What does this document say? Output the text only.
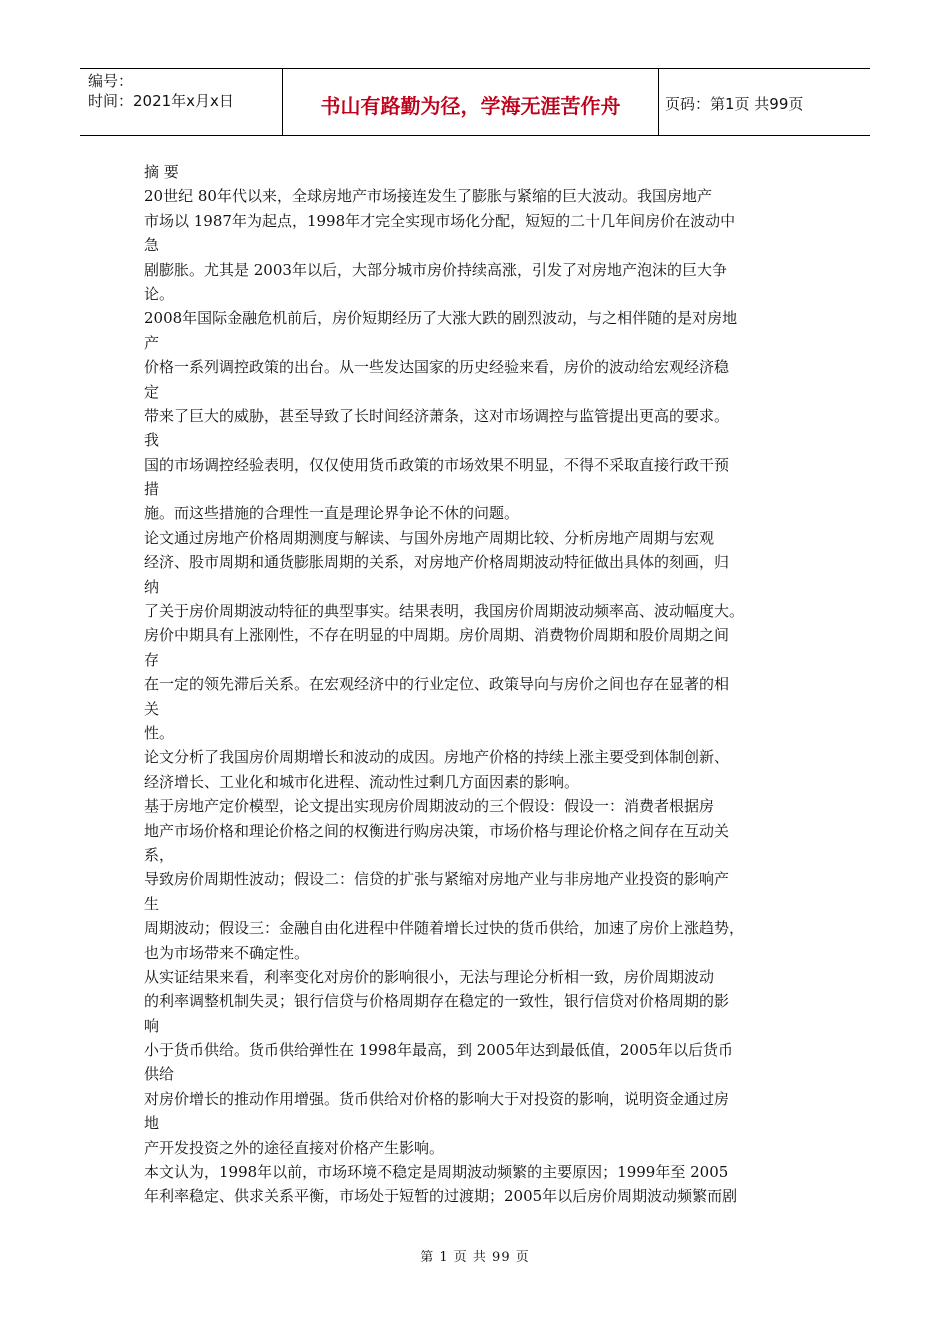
编号：
时间：2021年x月x日	书山有路勤为径，学海无涯苦作舟	页码：第1页 共99页
摘 要
20世纪 80年代以来，全球房地产市场接连发生了膨胀与紧缩的巨大波动。我国房地产
市场以 1987年为起点，1998年才完全实现市场化分配，短短的二十几年间房价在波动中
急
剧膨胀。尤其是 2003年以后，大部分城市房价持续高涨，引发了对房地产泡沫的巨大争
论。
2008年国际金融危机前后，房价短期经历了大涨大跌的剧烈波动，与之相伴随的是对房地
产
价格一系列调控政策的出台。从一些发达国家的历史经验来看，房价的波动给宏观经济稳
定
带来了巨大的威胁，甚至导致了长时间经济萧条，这对市场调控与监管提出更高的要求。
我
国的市场调控经验表明，仅仅使用货币政策的市场效果不明显，不得不采取直接行政干预
措
施。而这些措施的合理性一直是理论界争论不休的问题。
论文通过房地产价格周期测度与解读、与国外房地产周期比较、分析房地产周期与宏观
经济、股市周期和通货膨胀周期的关系，对房地产价格周期波动特征做出具体的刻画，归
纳
了关于房价周期波动特征的典型事实。结果表明，我国房价周期波动频率高、波动幅度大。
房价中期具有上涨刚性，不存在明显的中周期。房价周期、消费物价周期和股价周期之间
存
在一定的领先滞后关系。在宏观经济中的行业定位、政策导向与房价之间也存在显著的相
关
性。
论文分析了我国房价周期增长和波动的成因。房地产价格的持续上涨主要受到体制创新、
经济增长、工业化和城市化进程、流动性过剩几方面因素的影响。
基于房地产定价模型，论文提出实现房价周期波动的三个假设：假设一：消费者根据房
地产市场价格和理论价格之间的权衡进行购房决策，市场价格与理论价格之间存在互动关
系，
导致房价周期性波动；假设二：信贷的扩张与紧缩对房地产业与非房地产业投资的影响产
生
周期波动；假设三：金融自由化进程中伴随着增长过快的货币供给，加速了房价上涨趋势，
也为市场带来不确定性。
从实证结果来看，利率变化对房价的影响很小，无法与理论分析相一致，房价周期波动
的利率调整机制失灵；银行信贷与价格周期存在稳定的一致性，银行信贷对价格周期的影
响
小于货币供给。货币供给弹性在 1998年最高，到 2005年达到最低值，2005年以后货币
供给
对房价增长的推动作用增强。货币供给对价格的影响大于对投资的影响，说明资金通过房
地
产开发投资之外的途径直接对价格产生影响。
本文认为，1998年以前，市场环境不稳定是周期波动频繁的主要原因；1999年至 2005
年利率稳定、供求关系平衡，市场处于短暂的过渡期；2005年以后房价周期波动频繁而剧
第 1 页 共 99 页
